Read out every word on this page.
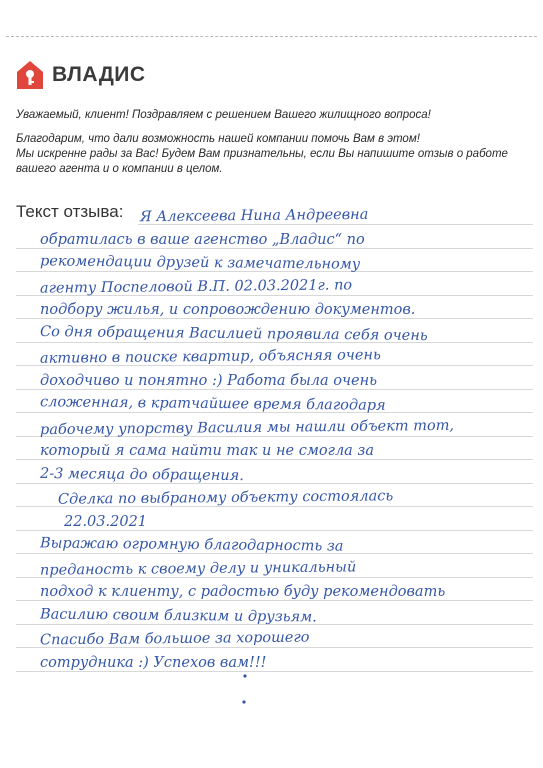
ВЛАДИС

Уважаемый, клиент! Поздравляем с решением Вашего жилищного вопроса!

Благодарим, что дали возможность нашей компании помочь Вам в этом!

Мы искренне рады за Вас! Будем Вам признательны, если Вы напишите отзыв о работе вашего агента и о компании в целом.

Текст отзыва: Я Алексеева Нина Андреевна
обратилась в ваше агенство „Владис“ по
рекомендации друзей к замечательному
агенту Поспеловой В.П. 02.03.2021г. по
подбору жилья, и сопровождению документов.
Со дня обращения Василией проявила себя очень
активно в поиске квартир, объясняя очень
доходчиво и понятно :) Работа была очень
сложенная, в кратчайшее время благодаря
рабочему упорству Василия мы нашли объект тот,
который я сама найти так и не смогла за
2-3 месяца до обращения.
Сделка по выбраному объекту состоялась
22.03.2021
Выражаю огромную благодарность за
преданость к своему делу и уникальный
подход к клиенту, с радостью буду рекомендовать
Василию своим близким и друзьям.
Спасибо Вам большое за хорошего
сотрудника :) Успехов вам!!!
